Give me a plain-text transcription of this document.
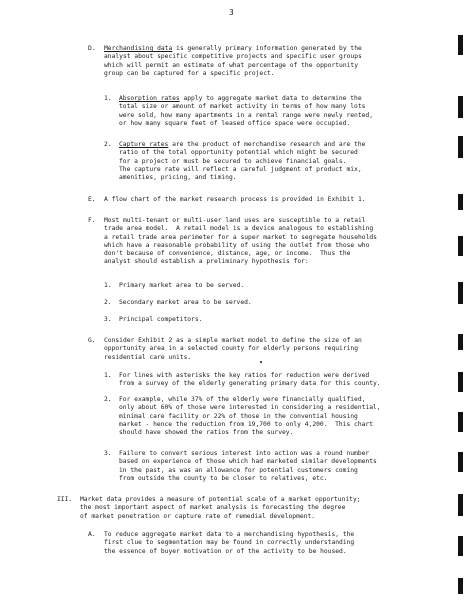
3
D. Merchandising data is generally primary information generated by the
analyst about specific competitive projects and specific user groups
which will permit an estimate of what percentage of the opportunity
group can be captured for a specific project.
1. Absorption rates apply to aggregate market data to determine the
total size or amount of market activity in terms of how many lots
were sold, how many apartments in a rental range were newly rented,
or how many square feet of leased office space were occupied.
2. Capture rates are the product of merchandise research and are the
ratio of the total opportunity potential which might be secured
for a project or must be secured to achieve financial goals.
The capture rate will reflect a careful judgment of product mix,
amenities, pricing, and timing.
E. A flow chart of the market research process is provided in Exhibit 1.
F. Most multi-tenant or multi-user land uses are susceptible to a retail
trade area model.  A retail model is a device analogous to establishing
a retail trade area perimeter for a super market to segregate households
which have a reasonable probability of using the outlet from those who
don't because of convenience, distance, age, or income.  Thus the
analyst should establish a preliminary hypothesis for:
1. Primary market area to be served.
2. Secondary market area to be served.
3. Principal competitors.
G. Consider Exhibit 2 as a simple market model to define the size of an
opportunity area in a selected county for elderly persons requiring
residential care units.
1. For lines with asterisks the key ratios for reduction were derived
from a survey of the elderly generating primary data for this county.
2. For example, while 37% of the elderly were financially qualified,
only about 60% of those were interested in considering a residential,
minimal care facility or 22% of those in the convential housing
market - hence the reduction from 19,700 to only 4,200.  This chart
should have showed the ratios from the survey.
3. Failure to convert serious interest into action was a round number
based on experience of those which had marketed similar developments
in the past, as was an allowance for potential customers coming
from outside the county to be closer to relatives, etc.
III. Market data provides a measure of potential scale of a market opportunity;
the most important aspect of market analysis is forecasting the degree
of market penetration or capture rate of remedial development.
A. To reduce aggregate market data to a merchandising hypothesis, the
first clue to segmentation may be found in correctly understanding
the essence of buyer motivation or of the activity to be housed.
